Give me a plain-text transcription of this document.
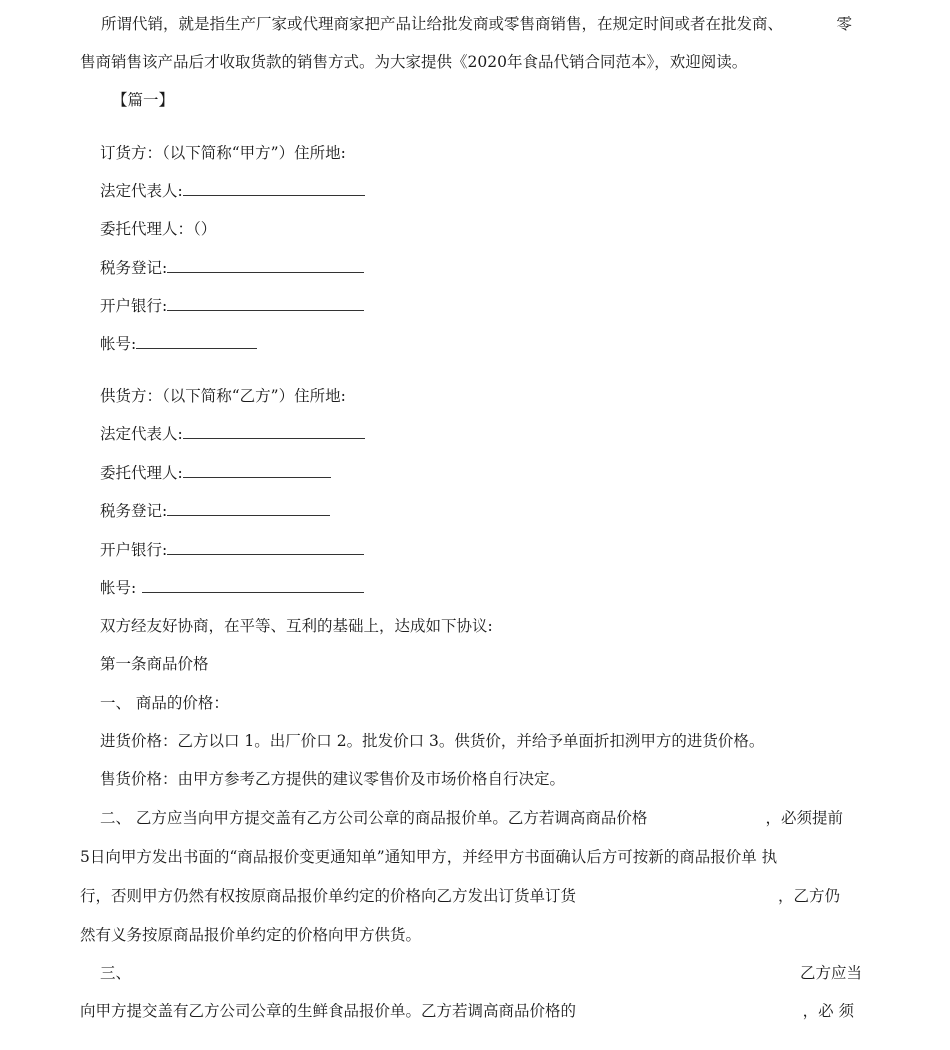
所谓代销，就是指生产厂家或代理商家把产品让给批发商或零售商销售，在规定时间或者在批发商、	零
售商销售该产品后才收取货款的销售方式。为大家提供《2020年食品代销合同范本》，欢迎阅读。
【篇一】
订货方：（以下简称“甲方”）住所地:
法定代表人:
委托代理人：（）
税务登记:
开户银行:
帐号:
供货方：（以下简称“乙方”）住所地:
法定代表人:
委托代理人:
税务登记:
开户银行:
帐号:
双方经友好协商，在平等、互利的基础上，达成如下协议:
第一条商品价格
一、 商品的价格：
进货价格：乙方以口 1。出厂价口 2。批发价口 3。供货价，并给予单面折扣洌甲方的进货价格。
售货价格：由甲方参考乙方提供的建议零售价及市场价格自行决定。
二、 乙方应当向甲方提交盖有乙方公司公章的商品报价单。乙方若调高商品价格	，必须提前
5日向甲方发出书面的“商品报价变更通知单”通知甲方，并经甲方书面确认后方可按新的商品报价单 执
行，否则甲方仍然有权按原商品报价单约定的价格向乙方发出订货单订货	，乙方仍
然有义务按原商品报价单约定的价格向甲方供货。
三、	乙方应当
向甲方提交盖有乙方公司公章的生鲜食品报价单。乙方若调高商品价格的	，必 须
